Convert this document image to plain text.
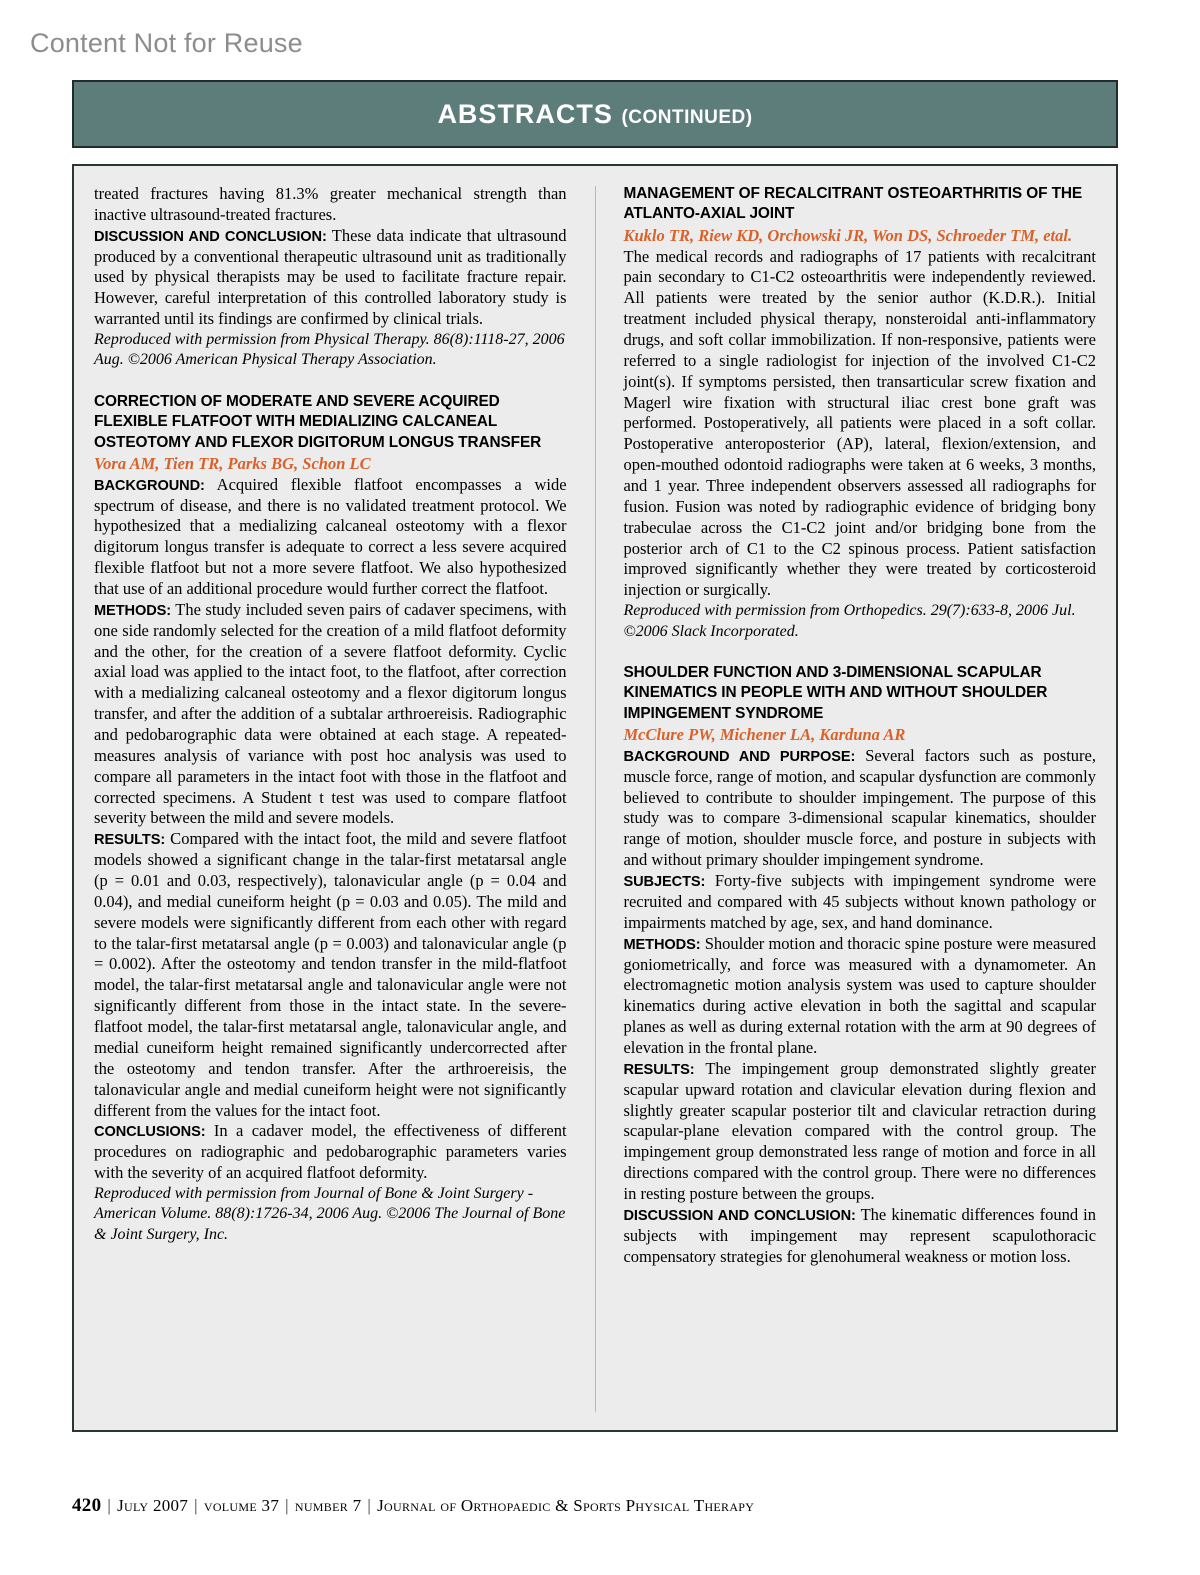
Content Not for Reuse
ABSTRACTS (CONTINUED)

treated fractures having 81.3% greater mechanical strength than inactive ultrasound-treated fractures.

DISCUSSION AND CONCLUSION: These data indicate that ultrasound produced by a conventional therapeutic ultrasound unit as traditionally used by physical therapists may be used to facilitate fracture repair. However, careful interpretation of this controlled laboratory study is warranted until its findings are confirmed by clinical trials.

Reproduced with permission from Physical Therapy. 86(8):1118-27, 2006 Aug. ©2006 American Physical Therapy Association.

CORRECTION OF MODERATE AND SEVERE ACQUIRED FLEXIBLE FLATFOOT WITH MEDIALIZING CALCANEAL OSTEOTOMY AND FLEXOR DIGITORUM LONGUS TRANSFER

Vora AM, Tien TR, Parks BG, Schon LC

BACKGROUND: Acquired flexible flatfoot encompasses a wide spectrum of disease, and there is no validated treatment protocol. We hypothesized that a medializing calcaneal osteotomy with a flexor digitorum longus transfer is adequate to correct a less severe acquired flexible flatfoot but not a more severe flatfoot. We also hypothesized that use of an additional procedure would further correct the flatfoot.

METHODS: The study included seven pairs of cadaver specimens, with one side randomly selected for the creation of a mild flatfoot deformity and the other, for the creation of a severe flatfoot deformity. Cyclic axial load was applied to the intact foot, to the flatfoot, after correction with a medializing calcaneal osteotomy and a flexor digitorum longus transfer, and after the addition of a subtalar arthroereisis. Radiographic and pedobarographic data were obtained at each stage. A repeated-measures analysis of variance with post hoc analysis was used to compare all parameters in the intact foot with those in the flatfoot and corrected specimens. A Student t test was used to compare flatfoot severity between the mild and severe models.

RESULTS: Compared with the intact foot, the mild and severe flatfoot models showed a significant change in the talar-first metatarsal angle (p = 0.01 and 0.03, respectively), talonavicular angle (p = 0.04 and 0.04), and medial cuneiform height (p = 0.03 and 0.05). The mild and severe models were significantly different from each other with regard to the talar-first metatarsal angle (p = 0.003) and talonavicular angle (p = 0.002). After the osteotomy and tendon transfer in the mild-flatfoot model, the talar-first metatarsal angle and talonavicular angle were not significantly different from those in the intact state. In the severe-flatfoot model, the talar-first metatarsal angle, talonavicular angle, and medial cuneiform height remained significantly undercorrected after the osteotomy and tendon transfer. After the arthroereisis, the talonavicular angle and medial cuneiform height were not significantly different from the values for the intact foot.

CONCLUSIONS: In a cadaver model, the effectiveness of different procedures on radiographic and pedobarographic parameters varies with the severity of an acquired flatfoot deformity.

Reproduced with permission from Journal of Bone & Joint Surgery - American Volume. 88(8):1726-34, 2006 Aug. ©2006 The Journal of Bone & Joint Surgery, Inc.

MANAGEMENT OF RECALCITRANT OSTEOARTHRITIS OF THE ATLANTO-AXIAL JOINT

Kuklo TR, Riew KD, Orchowski JR, Won DS, Schroeder TM, etal.

The medical records and radiographs of 17 patients with recalcitrant pain secondary to C1-C2 osteoarthritis were independently reviewed. All patients were treated by the senior author (K.D.R.). Initial treatment included physical therapy, nonsteroidal anti-inflammatory drugs, and soft collar immobilization. If non-responsive, patients were referred to a single radiologist for injection of the involved C1-C2 joint(s). If symptoms persisted, then transarticular screw fixation and Magerl wire fixation with structural iliac crest bone graft was performed. Postoperatively, all patients were placed in a soft collar. Postoperative anteroposterior (AP), lateral, flexion/extension, and open-mouthed odontoid radiographs were taken at 6 weeks, 3 months, and 1 year. Three independent observers assessed all radiographs for fusion. Fusion was noted by radiographic evidence of bridging bony trabeculae across the C1-C2 joint and/or bridging bone from the posterior arch of C1 to the C2 spinous process. Patient satisfaction improved significantly whether they were treated by corticosteroid injection or surgically.

Reproduced with permission from Orthopedics. 29(7):633-8, 2006 Jul. ©2006 Slack Incorporated.

SHOULDER FUNCTION AND 3-DIMENSIONAL SCAPULAR KINEMATICS IN PEOPLE WITH AND WITHOUT SHOULDER IMPINGEMENT SYNDROME

McClure PW, Michener LA, Karduna AR

BACKGROUND AND PURPOSE: Several factors such as posture, muscle force, range of motion, and scapular dysfunction are commonly believed to contribute to shoulder impingement. The purpose of this study was to compare 3-dimensional scapular kinematics, shoulder range of motion, shoulder muscle force, and posture in subjects with and without primary shoulder impingement syndrome.

SUBJECTS: Forty-five subjects with impingement syndrome were recruited and compared with 45 subjects without known pathology or impairments matched by age, sex, and hand dominance.

METHODS: Shoulder motion and thoracic spine posture were measured goniometrically, and force was measured with a dynamometer. An electromagnetic motion analysis system was used to capture shoulder kinematics during active elevation in both the sagittal and scapular planes as well as during external rotation with the arm at 90 degrees of elevation in the frontal plane.

RESULTS: The impingement group demonstrated slightly greater scapular upward rotation and clavicular elevation during flexion and slightly greater scapular posterior tilt and clavicular retraction during scapular-plane elevation compared with the control group. The impingement group demonstrated less range of motion and force in all directions compared with the control group. There were no differences in resting posture between the groups.

DISCUSSION AND CONCLUSION: The kinematic differences found in subjects with impingement may represent scapulothoracic compensatory strategies for glenohumeral weakness or motion loss.

420 | July 2007 | volume 37 | number 7 | Journal of Orthopaedic & Sports Physical Therapy
